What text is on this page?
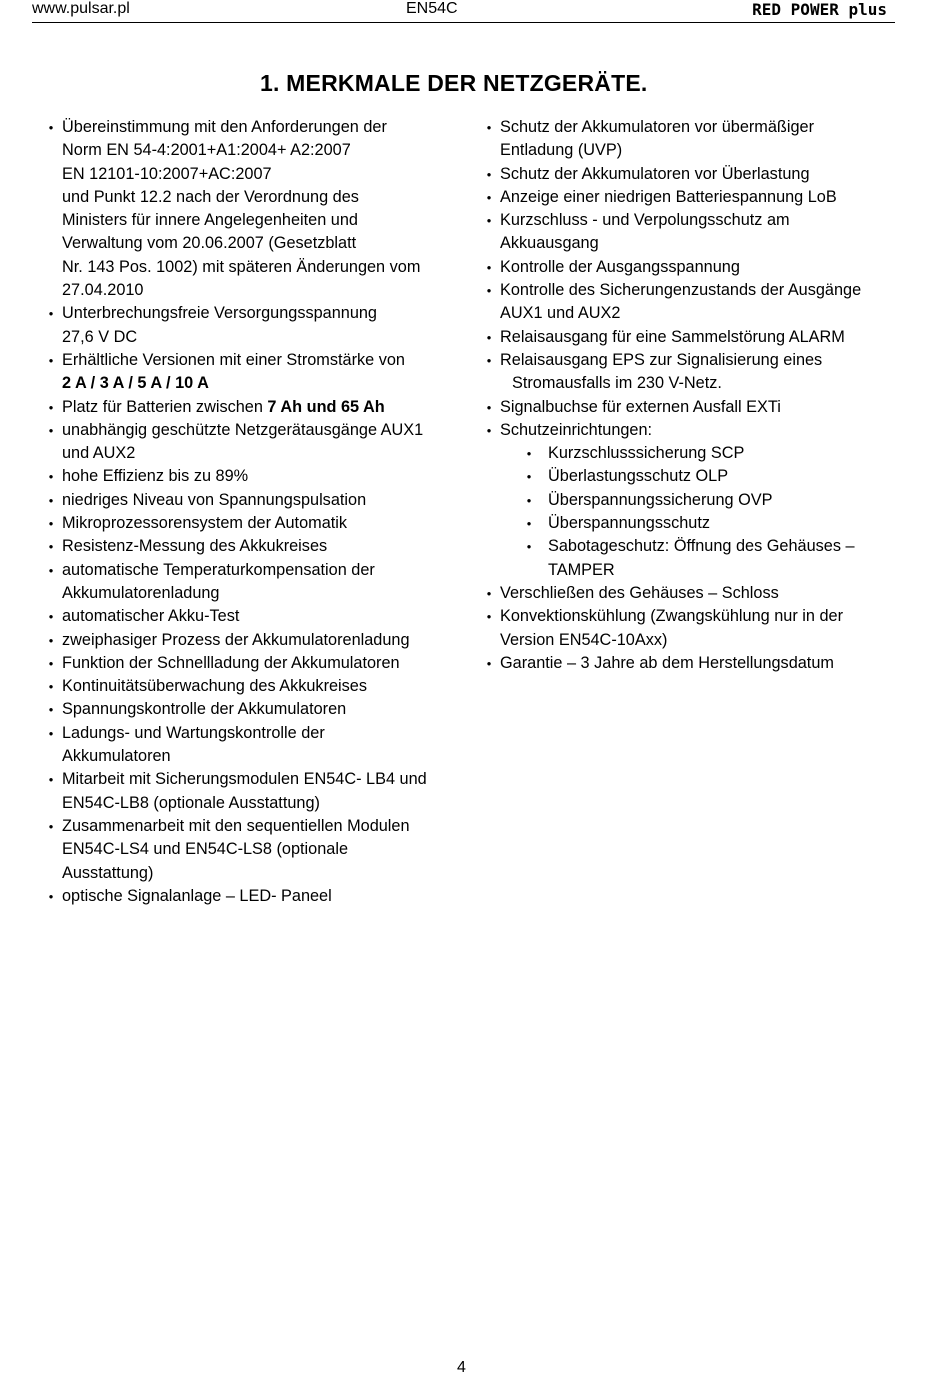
www.pulsar.pl	EN54C	RED POWER plus
1. MERKMALE DER NETZGERÄTE.
● Übereinstimmung mit den Anforderungen der
Norm EN 54-4:2001+A1:2004+ A2:2007
EN 12101-10:2007+AC:2007
und Punkt 12.2 nach der Verordnung des
Ministers für innere Angelegenheiten und
Verwaltung vom 20.06.2007 (Gesetzblatt
Nr. 143 Pos. 1002) mit späteren Änderungen vom
27.04.2010
● Unterbrechungsfreie Versorgungsspannung
27,6 V DC
● Erhältliche Versionen mit einer Stromstärke von
2 A / 3 A / 5 A / 10 A
● Platz für Batterien zwischen 7 Ah und 65 Ah
● unabhängig geschützte Netzgerätausgänge AUX1
und AUX2
● hohe Effizienz bis zu 89%
● niedriges Niveau von Spannungspulsation
● Mikroprozessorensystem der Automatik
● Resistenz-Messung des Akkukreises
● automatische Temperaturkompensation der
Akkumulatorenladung
● automatischer Akku-Test
● zweiphasiger Prozess der Akkumulatorenladung
● Funktion der Schnellladung der Akkumulatoren
● Kontinuitätsüberwachung des Akkukreises
● Spannungskontrolle der Akkumulatoren
● Ladungs- und Wartungskontrolle der
Akkumulatoren
● Mitarbeit mit Sicherungsmodulen EN54C- LB4 und
EN54C-LB8 (optionale Ausstattung)
● Zusammenarbeit mit den sequentiellen Modulen
EN54C-LS4 und EN54C-LS8 (optionale
Ausstattung)
● optische Signalanlage – LED- Paneel
● Schutz der Akkumulatoren vor übermäßiger
Entladung (UVP)
● Schutz der Akkumulatoren vor Überlastung
● Anzeige einer niedrigen Batteriespannung LoB
● Kurzschluss - und Verpolungsschutz am
Akkuausgang
● Kontrolle der Ausgangsspannung
● Kontrolle des Sicherungenzustands der Ausgänge
AUX1 und AUX2
● Relaisausgang für eine Sammelstörung ALARM
● Relaisausgang EPS zur Signalisierung eines
Stromausfalls im 230 V-Netz.
● Signalbuchse für externen Ausfall EXTi
● Schutzeinrichtungen:
● Kurzschlusssicherung SCP
● Überlastungsschutz OLP
● Überspannungssicherung OVP
● Überspannungsschutz
● Sabotageschutz: Öffnung des Gehäuses –
TAMPER
● Verschließen des Gehäuses – Schloss
● Konvektionskühlung (Zwangskühlung nur in der
Version EN54C-10Axx)
● Garantie – 3 Jahre ab dem Herstellungsdatum
4
